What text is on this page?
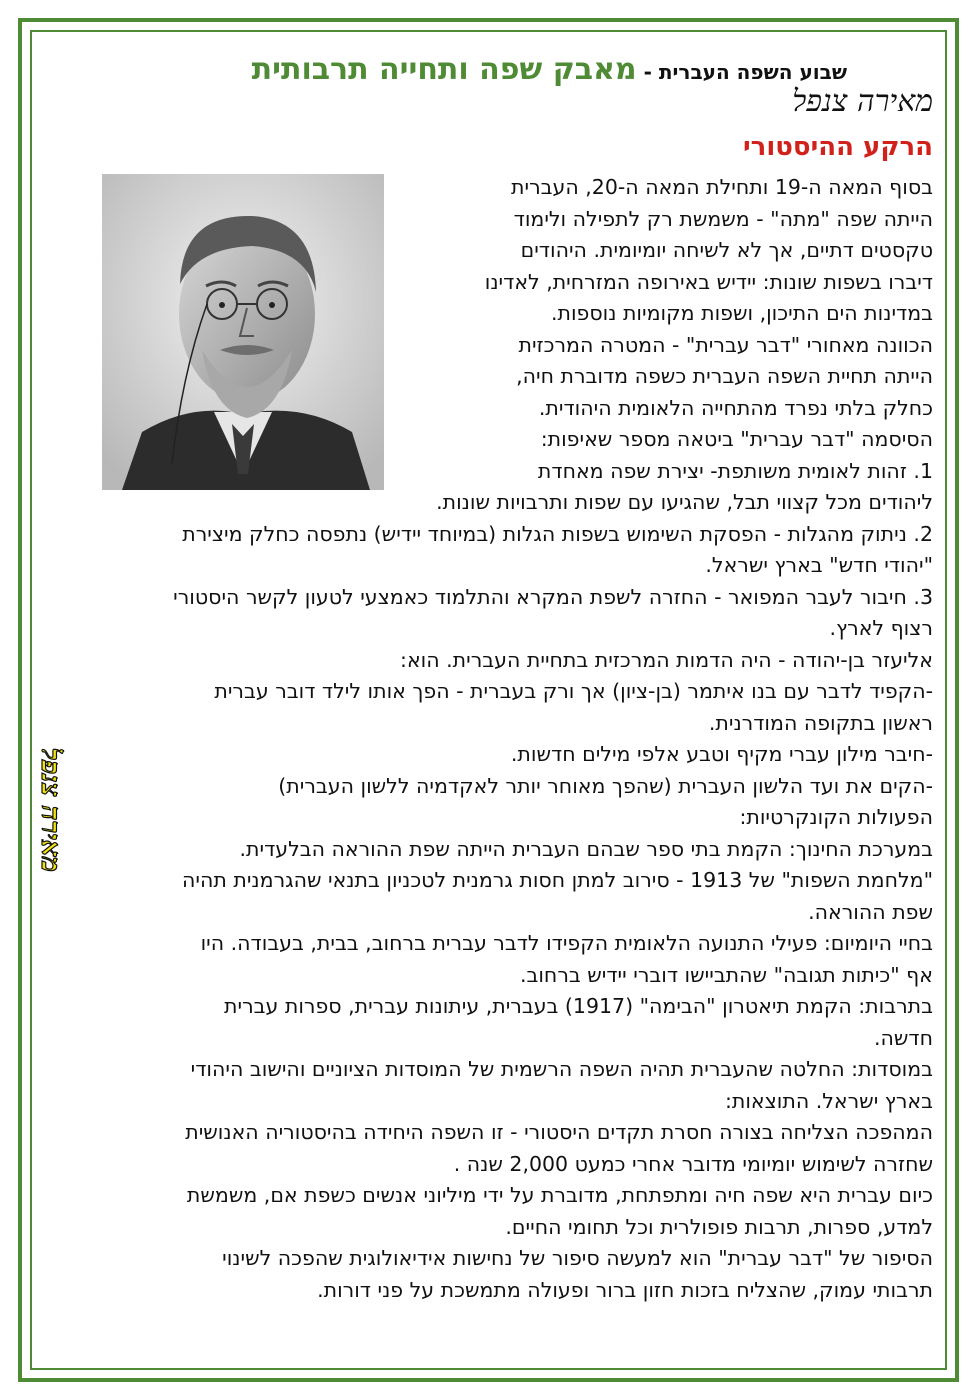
שבוע השפה העברית - מאבק שפה ותחייה תרבותית
מאירה צנפל
הרקע ההיסטורי
מאירה צנפל

בסוף המאה ה-19 ותחילת המאה ה-20, העברית

הייתה שפה "מתה" - משמשת רק לתפילה ולימוד

טקסטים דתיים, אך לא לשיחה יומיומית. היהודים

דיברו בשפות שונות: יידיש באירופה המזרחית, לאדינו

במדינות הים התיכון, ושפות מקומיות נוספות.

הכוונה מאחורי "דבר עברית" - המטרה המרכזית

הייתה תחיית השפה העברית כשפה מדוברת חיה,

כחלק בלתי נפרד מהתחייה הלאומית היהודית.

הסיסמה "דבר עברית" ביטאה מספר שאיפות:

1. זהות לאומית משותפת- יצירת שפה מאחדת

ליהודים מכל קצווי תבל, שהגיעו עם שפות ותרבויות שונות.

2. ניתוק מהגלות - הפסקת השימוש בשפות הגלות (במיוחד יידיש) נתפסה כחלק מיצירת

"יהודי חדש" בארץ ישראל.

3. חיבור לעבר המפואר - החזרה לשפת המקרא והתלמוד כאמצעי לטעון לקשר היסטורי

רצוף לארץ.

אליעזר בן-יהודה - היה הדמות המרכזית בתחיית העברית. הוא:

-הקפיד לדבר עם בנו איתמר (בן-ציון) אך ורק בעברית - הפך אותו לילד דובר עברית

ראשון בתקופה המודרנית.

-חיבר מילון עברי מקיף וטבע אלפי מילים חדשות.

-הקים את ועד הלשון העברית (שהפך מאוחר יותר לאקדמיה ללשון העברית)

הפעולות הקונקרטיות:

במערכת החינוך: הקמת בתי ספר שבהם העברית הייתה שפת ההוראה הבלעדית.

"מלחמת השפות" של 1913 - סירוב למתן חסות גרמנית לטכניון בתנאי שהגרמנית תהיה

שפת ההוראה.

בחיי היומיום: פעילי התנועה הלאומית הקפידו לדבר עברית ברחוב, בבית, בעבודה. היו

אף "כיתות תגובה" שהתביישו דוברי יידיש ברחוב.

בתרבות: הקמת תיאטרון "הבימה" (1917) בעברית, עיתונות עברית, ספרות עברית

חדשה.

במוסדות: החלטה שהעברית תהיה השפה הרשמית של המוסדות הציוניים והישוב היהודי

בארץ ישראל. התוצאות:

המהפכה הצליחה בצורה חסרת תקדים היסטורי - זו השפה היחידה בהיסטוריה האנושית

שחזרה לשימוש יומיומי מדובר אחרי כמעט 2,000 שנה .

כיום עברית היא שפה חיה ומתפתחת, מדוברת על ידי מיליוני אנשים כשפת אם, משמשת

למדע, ספרות, תרבות פופולרית וכל תחומי החיים.

הסיפור של "דבר עברית" הוא למעשה סיפור של נחישות אידיאולוגית שהפכה לשינוי

תרבותי עמוק, שהצליח בזכות חזון ברור ופעולה מתמשכת על פני דורות.
